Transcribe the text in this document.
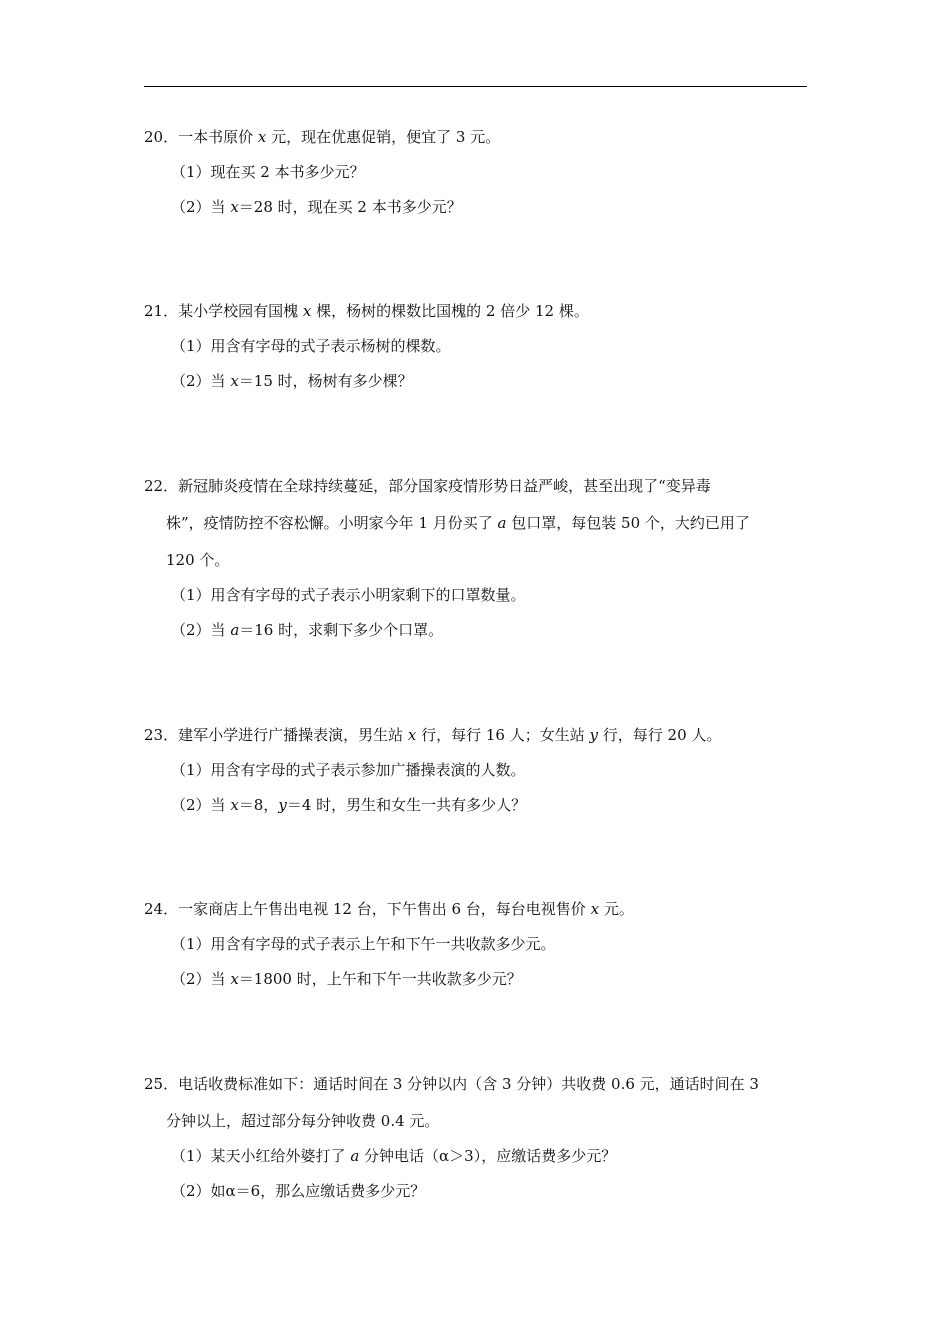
20．一本书原价 x 元，现在优惠促销，便宜了 3 元。
（1）现在买 2 本书多少元？
（2）当 x＝28 时，现在买 2 本书多少元？
21．某小学校园有国槐 x 棵，杨树的棵数比国槐的 2 倍少 12 棵。
（1）用含有字母的式子表示杨树的棵数。
（2）当 x＝15 时，杨树有多少棵？
22．新冠肺炎疫情在全球持续蔓延，部分国家疫情形势日益严峻，甚至出现了“变异毒
株”，疫情防控不容松懈。小明家今年 1 月份买了 a 包口罩，每包装 50 个，大约已用了
120 个。
（1）用含有字母的式子表示小明家剩下的口罩数量。
（2）当 a＝16 时，求剩下多少个口罩。
23．建军小学进行广播操表演，男生站 x 行，每行 16 人；女生站 y 行，每行 20 人。
（1）用含有字母的式子表示参加广播操表演的人数。
（2）当 x＝8，y＝4 时，男生和女生一共有多少人？
24．一家商店上午售出电视 12 台，下午售出 6 台，每台电视售价 x 元。
（1）用含有字母的式子表示上午和下午一共收款多少元。
（2）当 x＝1800 时，上午和下午一共收款多少元？
25．电话收费标准如下：通话时间在 3 分钟以内（含 3 分钟）共收费 0.6 元，通话时间在 3
分钟以上，超过部分每分钟收费 0.4 元。
（1）某天小红给外婆打了 a 分钟电话（α＞3），应缴话费多少元？
（2）如α＝6，那么应缴话费多少元？
